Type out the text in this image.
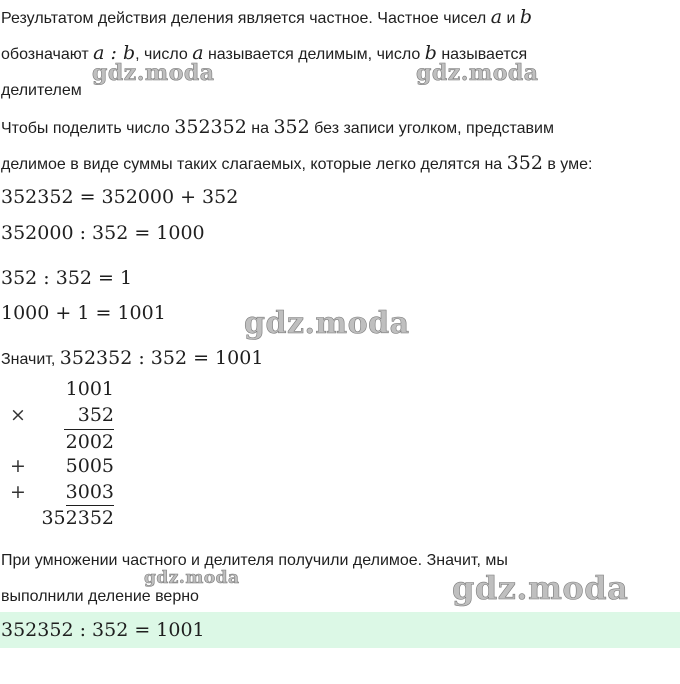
Результатом действия деления является частное. Частное чисел a и b
обозначают a : b, число a называется делимым, число b называется
делителем
Чтобы поделить число 352352 на 352 без записи уголком, представим
делимое в виде суммы таких слагаемых, которые легко делятся на 352 в уме:
352352 = 352000 + 352
352000 : 352 = 1000
352 : 352 = 1
1000 + 1 = 1001
Значит, 352352 : 352 = 1001
1001
×	352
2002
+ 5005
+ 3003
352352
При умножении частного и делителя получили делимое. Значит, мы
выполнили деление верно
352352 : 352 = 1001
gdz.moda	gdz.moda
gdz.moda
gdz.moda	gdz.moda
